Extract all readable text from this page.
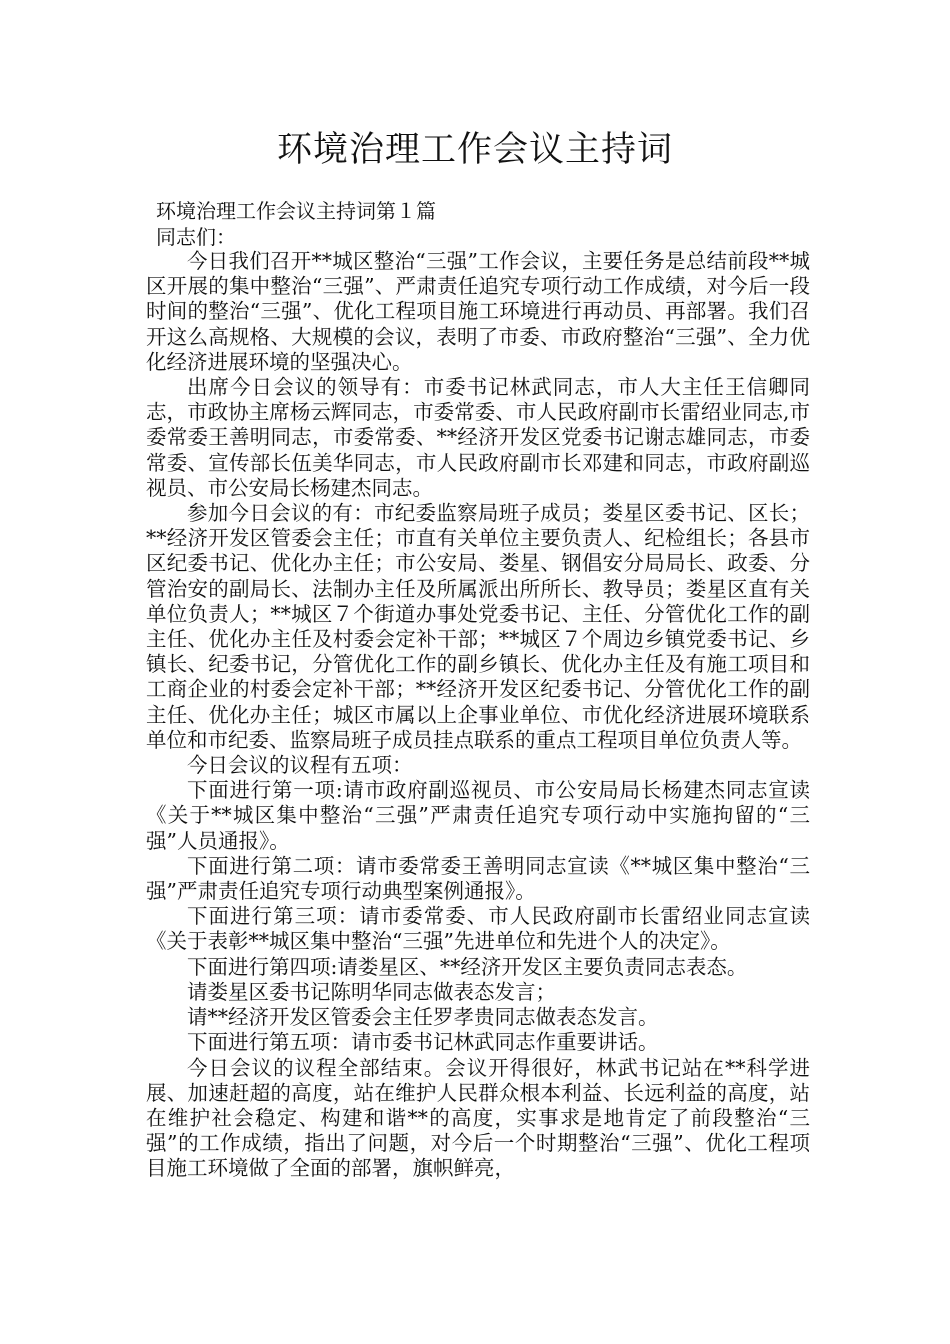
环境治理工作会议主持词
环境治理工作会议主持词第１篇
同志们：

今日我们召开**城区整治“三强”工作会议，主要任务是总结前段**城区开展的集中整治“三强”、严肃责任追究专项行动工作成绩，对今后一段时间的整治“三强”、优化工程项目施工环境进行再动员、再部署。我们召开这么高规格、大规模的会议，表明了市委、市政府整治“三强”、全力优化经济进展环境的坚强决心。

出席今日会议的领导有：市委书记林武同志，市人大主任王信卿同志，市政协主席杨云辉同志，市委常委、市人民政府副市长雷绍业同志,市委常委王善明同志，市委常委、**经济开发区党委书记谢志雄同志，市委常委、宣传部长伍美华同志，市人民政府副市长邓建和同志，市政府副巡视员、市公安局长杨建杰同志。

参加今日会议的有：市纪委监察局班子成员；娄星区委书记、区长；**经济开发区管委会主任；市直有关单位主要负责人、纪检组长；各县市区纪委书记、优化办主任；市公安局、娄星、钢倡安分局局长、政委、分管治安的副局长、法制办主任及所属派出所所长、教导员；娄星区直有关单位负责人；**城区７个街道办事处党委书记、主任、分管优化工作的副主任、优化办主任及村委会定补干部；**城区７个周边乡镇党委书记、乡镇长、纪委书记，分管优化工作的副乡镇长、优化办主任及有施工项目和工商企业的村委会定补干部；**经济开发区纪委书记、分管优化工作的副主任、优化办主任；城区市属以上企事业单位、市优化经济进展环境联系单位和市纪委、监察局班子成员挂点联系的重点工程项目单位负责人等。

今日会议的议程有五项：

下面进行第一项:请市政府副巡视员、市公安局局长杨建杰同志宣读《关于**城区集中整治“三强”严肃责任追究专项行动中实施拘留的“三强”人员通报》。

下面进行第二项：请市委常委王善明同志宣读《**城区集中整治“三强”严肃责任追究专项行动典型案例通报》。

下面进行第三项：请市委常委、市人民政府副市长雷绍业同志宣读《关于表彰**城区集中整治“三强”先进单位和先进个人的决定》。

下面进行第四项:请娄星区、**经济开发区主要负责同志表态。

请娄星区委书记陈明华同志做表态发言；

请**经济开发区管委会主任罗孝贵同志做表态发言。

下面进行第五项：请市委书记林武同志作重要讲话。

今日会议的议程全部结束。会议开得很好，林武书记站在**科学进展、加速赶超的高度，站在维护人民群众根本利益、长远利益的高度，站在维护社会稳定、构建和谐**的高度，实事求是地肯定了前段整治“三强”的工作成绩，指出了问题，对今后一个时期整治“三强”、优化工程项目施工环境做了全面的部署，旗帜鲜亮，
